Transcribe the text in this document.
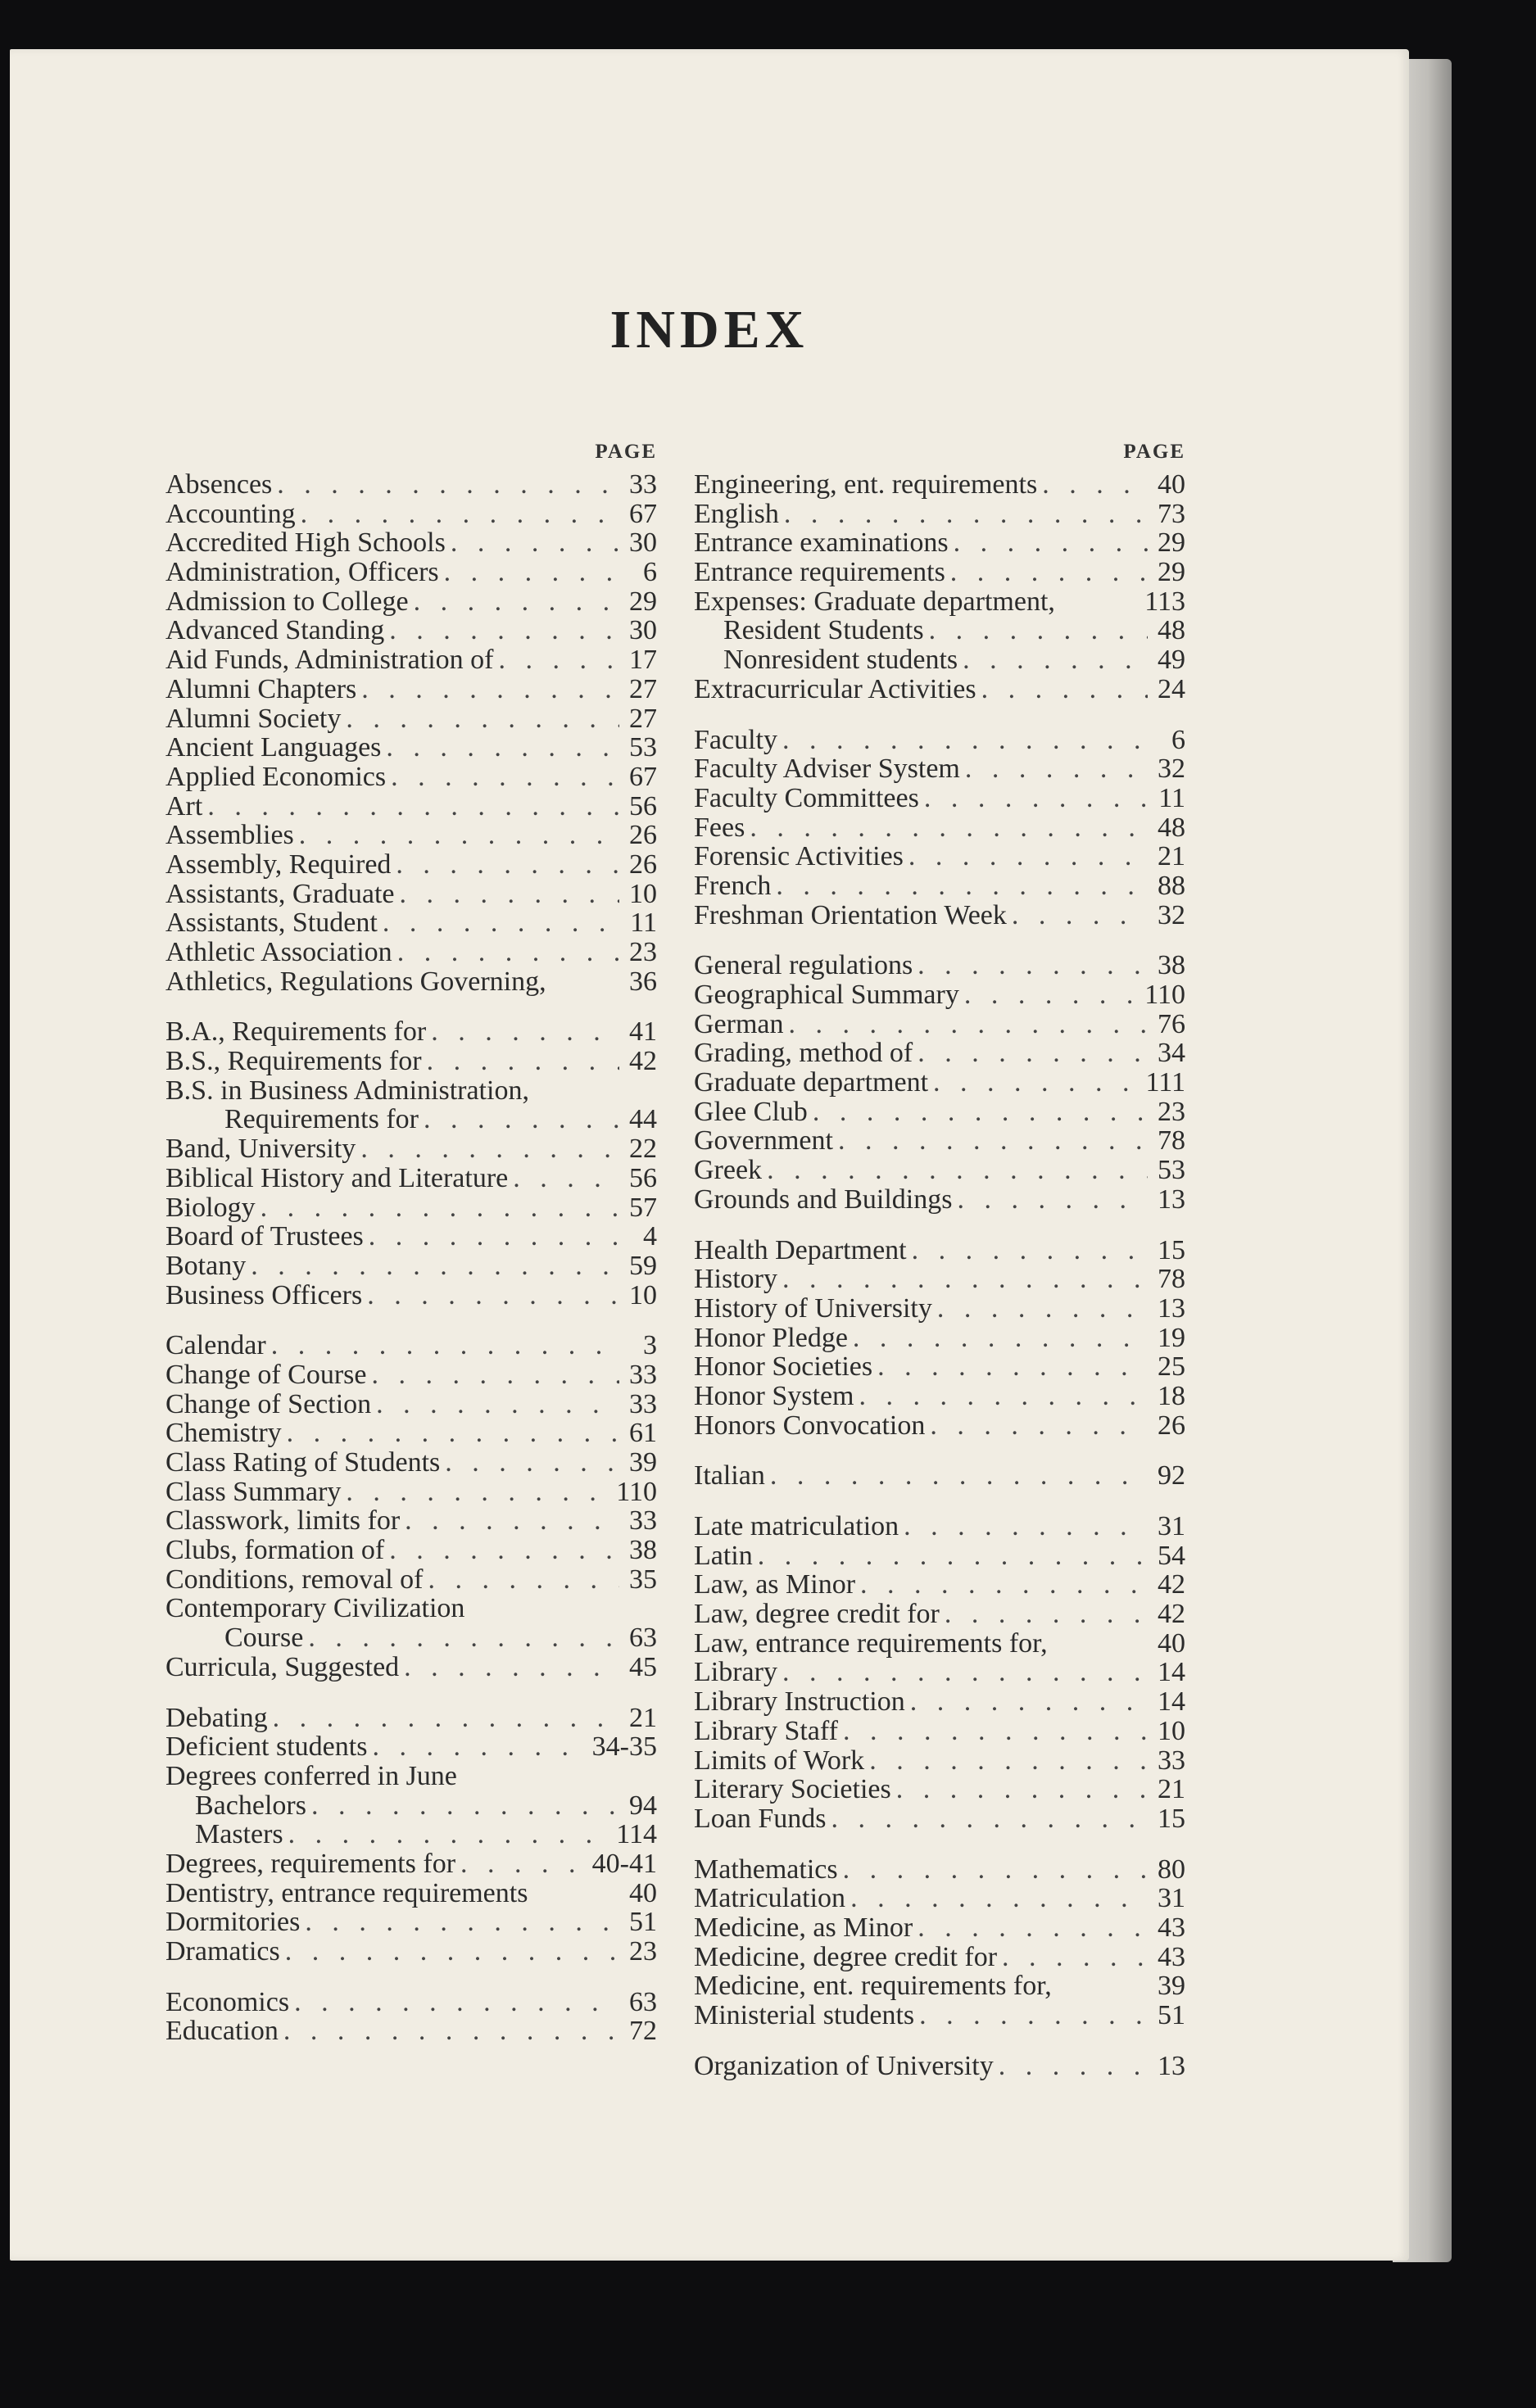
INDEX
PAGE
Absences . . .	33
Accounting . . .	67
Accredited High Schools . . .	30
Administration, Officers . . .	6
Admission to College . . .	29
Advanced Standing . . .	30
Aid Funds, Administration of . . .	17
Alumni Chapters . . .	27
Alumni Society . . .	27
Ancient Languages . . .	53
Applied Economics . . .	67
Art . . .	56
Assemblies . . .	26
Assembly, Required . . .	26
Assistants, Graduate . . .	10
Assistants, Student . . .	11
Athletic Association . . .	23
Athletics, Regulations Governing,	36
B.A., Requirements for . . .	41
B.S., Requirements for . . .	42
B.S. in Business Administration,
Requirements for . . .	44
Band, University . . .	22
Biblical History and Literature . . .	56
Biology . . .	57
Board of Trustees . . .	4
Botany . . .	59
Business Officers . . .	10
Calendar . . .	3
Change of Course . . .	33
Change of Section . . .	33
Chemistry . . .	61
Class Rating of Students . . .	39
Class Summary . . .	110
Classwork, limits for . . .	33
Clubs, formation of . . .	38
Conditions, removal of . . .	35
Contemporary Civilization
Course . . .	63
Curricula, Suggested . . .	45
Debating . . .	21
Deficient students . . .	34-35
Degrees conferred in June
Bachelors . . .	94
Masters . . .	114
Degrees, requirements for . . .	40-41
Dentistry, entrance requirements	40
Dormitories . . .	51
Dramatics . . .	23
Economics . . .	63
Education . . .	72
PAGE
Engineering, ent. requirements . . .	40
English . . .	73
Entrance examinations . . .	29
Entrance requirements . . .	29
Expenses: Graduate department,	113
Resident Students . . .	48
Nonresident students . . .	49
Extracurricular Activities . . .	24
Faculty . . .	6
Faculty Adviser System . . .	32
Faculty Committees . . .	11
Fees . . .	48
Forensic Activities . . .	21
French . . .	88
Freshman Orientation Week . . .	32
General regulations . . .	38
Geographical Summary . . .	110
German . . .	76
Grading, method of . . .	34
Graduate department . . .	111
Glee Club . . .	23
Government . . .	78
Greek . . .	53
Grounds and Buildings . . .	13
Health Department . . .	15
History . . .	78
History of University . . .	13
Honor Pledge . . .	19
Honor Societies . . .	25
Honor System . . .	18
Honors Convocation . . .	26
Italian . . .	92
Late matriculation . . .	31
Latin . . .	54
Law, as Minor . . .	42
Law, degree credit for . . .	42
Law, entrance requirements for,	40
Library . . .	14
Library Instruction . . .	14
Library Staff . . .	10
Limits of Work . . .	33
Literary Societies . . .	21
Loan Funds . . .	15
Mathematics . . .	80
Matriculation . . .	31
Medicine, as Minor . . .	43
Medicine, degree credit for . . .	43
Medicine, ent. requirements for,	39
Ministerial students . . .	51
Organization of University . . .	13
